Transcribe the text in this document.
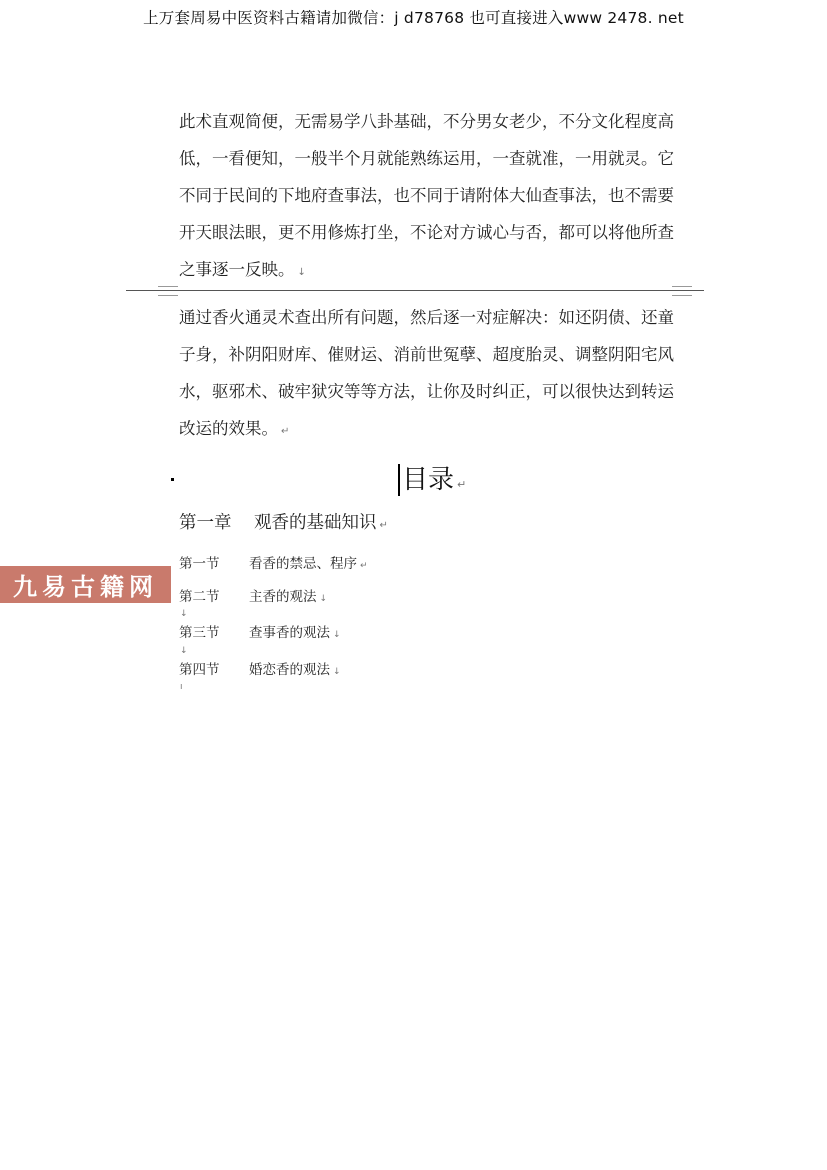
上万套周易中医资料古籍请加微信：j d78768 也可直接进入www 2478. net
此术直观简便，无需易学八卦基础，不分男女老少，不分文化程度高
低，一看便知，一般半个月就能熟练运用，一查就准，一用就灵。它
不同于民间的下地府查事法，也不同于请附体大仙查事法，也不需要
开天眼法眼，更不用修炼打坐，不论对方诚心与否，都可以将他所查
之事逐一反映。 ↓
通过香火通灵术查出所有问题，然后逐一对症解决：如还阴债、还童
子身，补阴阳财库、催财运、消前世冤孽、超度胎灵、调整阴阳宅风
水，驱邪术、破牢狱灾等等方法，让你及时纠正，可以很快达到转运
改运的效果。 ↵
目录 ↵
第一章 观香的基础知识 ↵
第一节 看香的禁忌、程序 ↵
第二节 主香的观法 ↓
↓
第三节 查事香的观法 ↓
↓
第四节 婚恋香的观法 ↓
ı
九易古籍网
